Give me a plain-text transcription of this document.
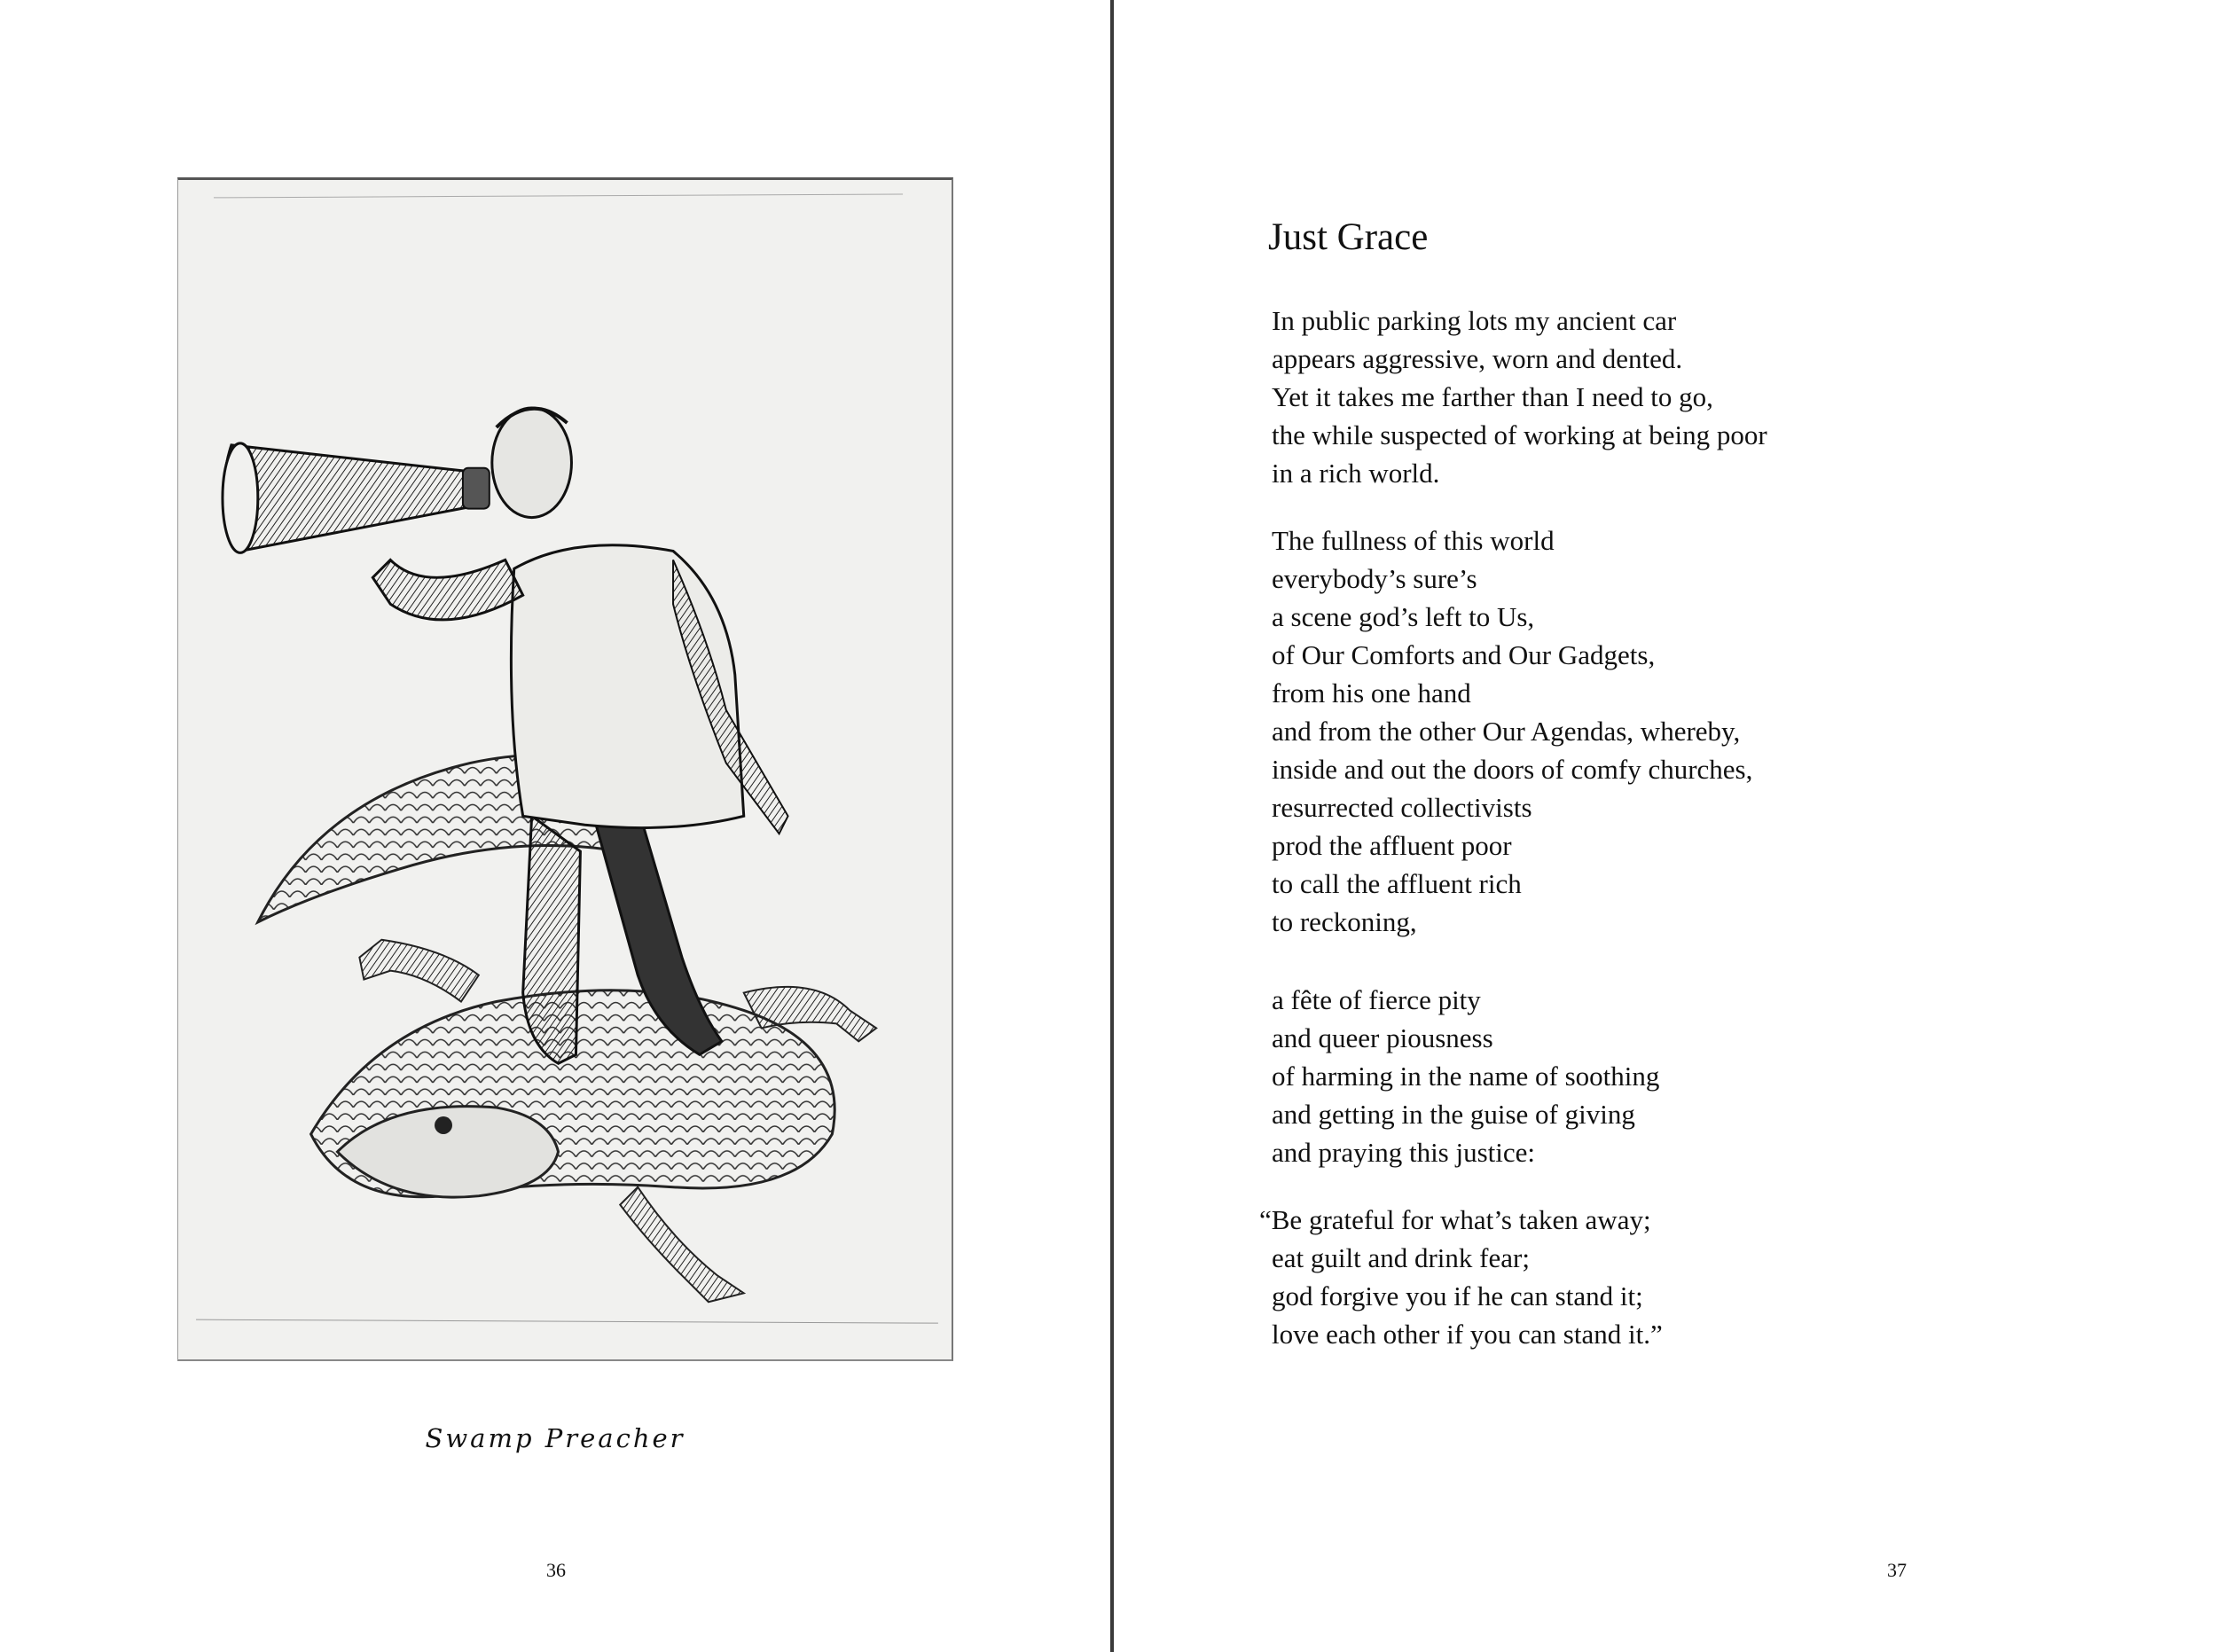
Swamp Preacher
36
Just Grace
In public parking lots my ancient car
appears aggressive, worn and dented.
Yet it takes me farther than I need to go,
the while suspected of working at being poor
in a rich world.
The fullness of this world
everybody’s sure’s
a scene god’s left to Us,
of Our Comforts and Our Gadgets,
from his one hand
and from the other Our Agendas, whereby,
inside and out the doors of comfy churches,
resurrected collectivists
prod the affluent poor
to call the affluent rich
to reckoning,
a fête of fierce pity
and queer piousness
of harming in the name of soothing
and getting in the guise of giving
and praying this justice:
“Be grateful for what’s taken away;
eat guilt and drink fear;
god forgive you if he can stand it;
love each other if you can stand it.”
37
